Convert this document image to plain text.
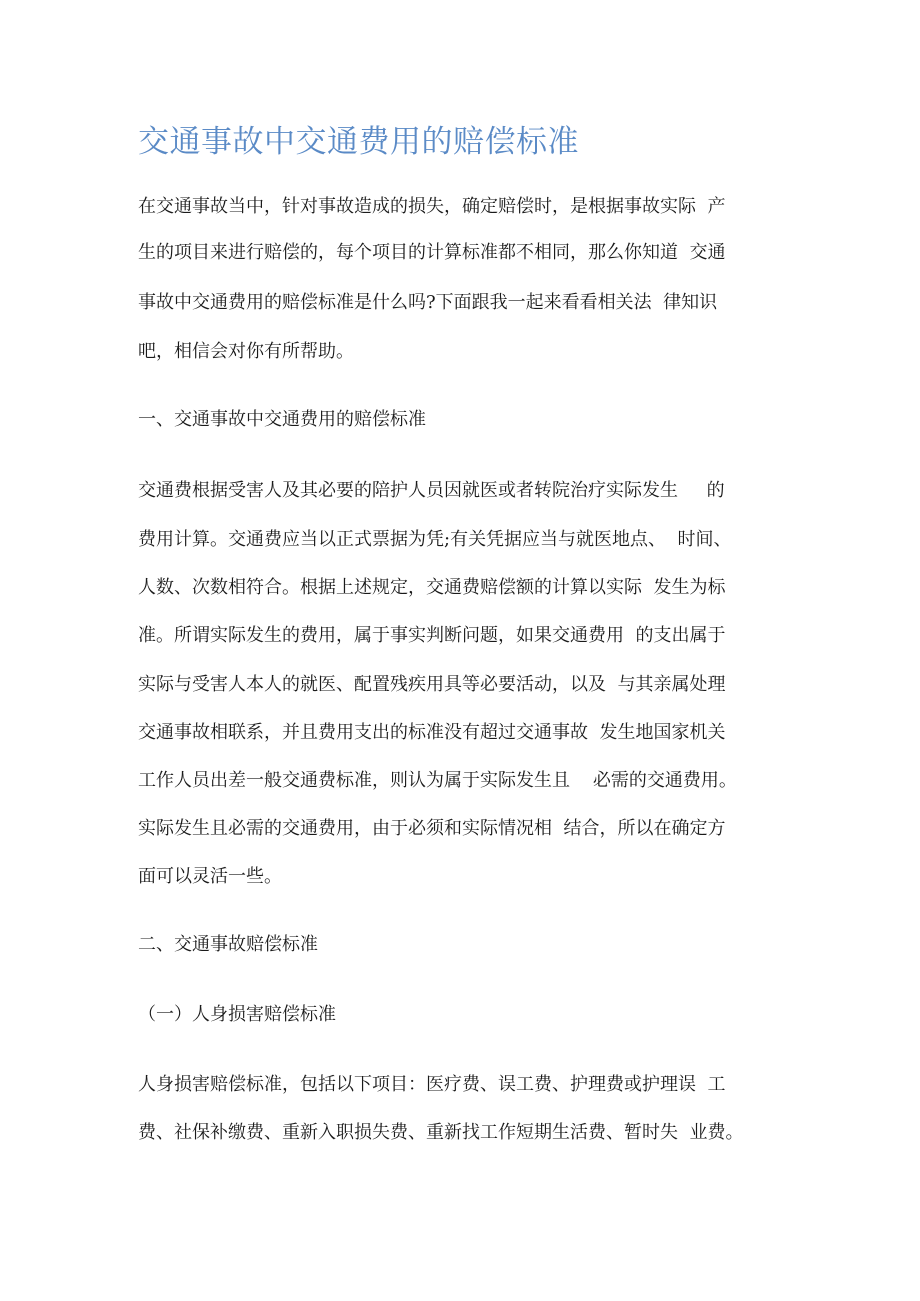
交通事故中交通费用的赔偿标准

在交通事故当中，针对事故造成的损失，确定赔偿时，是根据事故实际  产

生的项目来进行赔偿的，每个项目的计算标准都不相同，那么你知道  交通

事故中交通费用的赔偿标准是什么吗?下面跟我一起来看看相关法  律知识

吧，相信会对你有所帮助。

一、交通事故中交通费用的赔偿标准

交通费根据受害人及其必要的陪护人员因就医或者转院治疗实际发生     的

费用计算。交通费应当以正式票据为凭;有关凭据应当与就医地点、  时间、

人数、次数相符合。根据上述规定，交通费赔偿额的计算以实际  发生为标

准。所谓实际发生的费用，属于事实判断问题，如果交通费用  的支出属于

实际与受害人本人的就医、配置残疾用具等必要活动，以及  与其亲属处理

交通事故相联系，并且费用支出的标准没有超过交通事故  发生地国家机关

工作人员出差一般交通费标准，则认为属于实际发生且    必需的交通费用。

实际发生且必需的交通费用，由于必须和实际情况相  结合，所以在确定方

面可以灵活一些。

二、交通事故赔偿标准

（一）人身损害赔偿标准

人身损害赔偿标准，包括以下项目：医疗费、误工费、护理费或护理误  工

费、社保补缴费、重新入职损失费、重新找工作短期生活费、暂时失  业费。
